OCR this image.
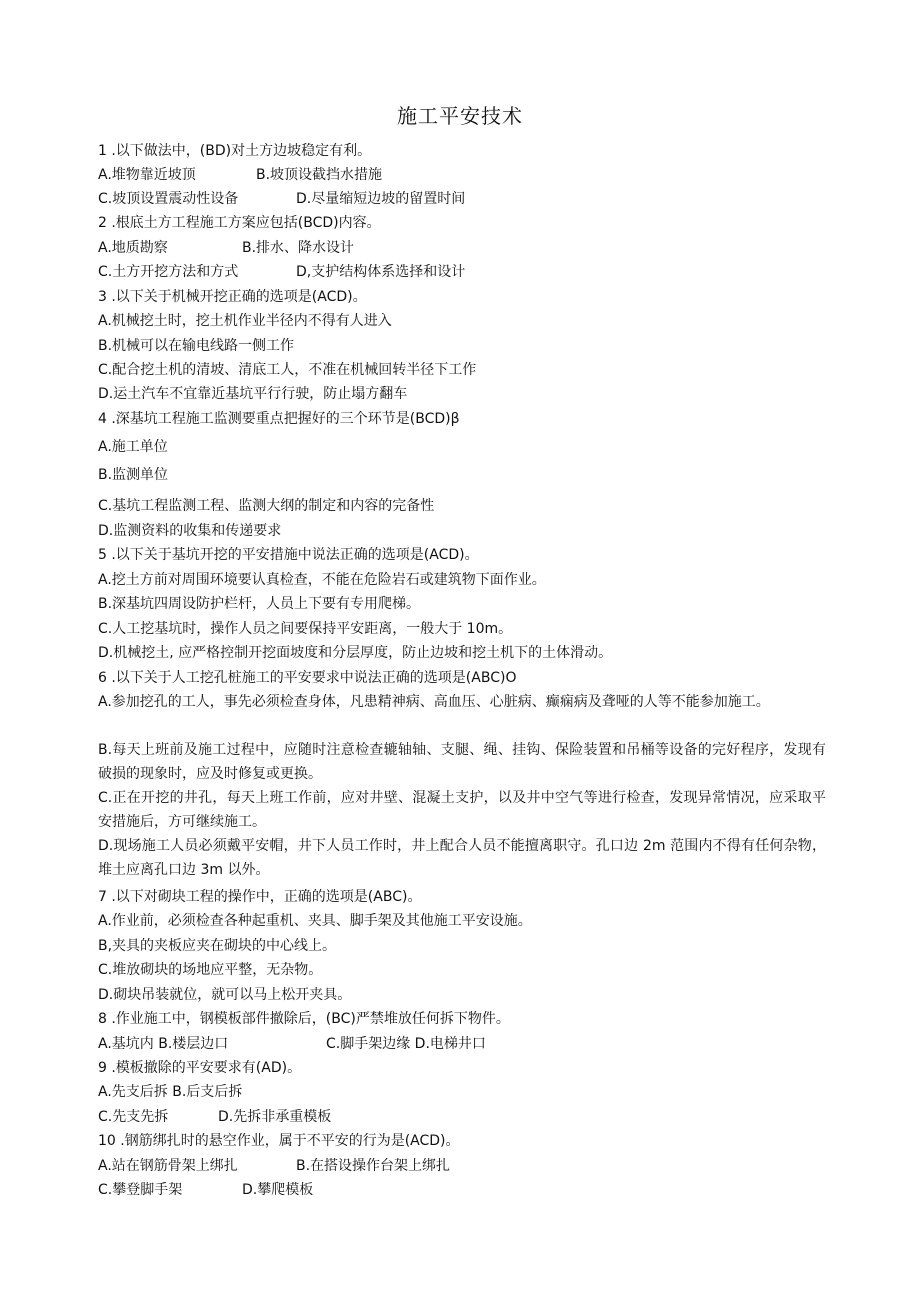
施工平安技术
1 .以下做法中，(BD)对土方边坡稳定有利。
A.堆物靠近坡顶	B.坡顶设截挡水措施
C.坡顶设置震动性设备	D.尽量缩短边坡的留置时间
2 .根底土方工程施工方案应包括(BCD)内容。
A.地质勘察	B.排水、降水设计
C.土方开挖方法和方式	D,支护结构体系选择和设计
3 .以下关于机械开挖正确的选项是(ACD)。
A.机械挖土时，挖土机作业半径内不得有人进入
B.机械可以在输电线路一侧工作
C.配合挖土机的清坡、清底工人，不准在机械回转半径下工作
D.运土汽车不宜靠近基坑平行行驶，防止塌方翻车
4 .深基坑工程施工监测要重点把握好的三个环节是(BCD)β
A.施工单位
B.监测单位
C.基坑工程监测工程、监测大纲的制定和内容的完备性
D.监测资料的收集和传递要求
5 .以下关于基坑开挖的平安措施中说法正确的选项是(ACD)。
A.挖土方前对周围环境要认真检查，不能在危险岩石或建筑物下面作业。
B.深基坑四周设防护栏杆，人员上下要有专用爬梯。
C.人工挖基坑时，操作人员之间要保持平安距离，一般大于 10m。
D.机械挖土, 应严格控制开挖面坡度和分层厚度，防止边坡和挖土机下的土体滑动。
6 .以下关于人工挖孔桩施工的平安要求中说法正确的选项是(ABC)O
A.参加挖孔的工人，事先必须检查身体，凡患精神病、高血压、心脏病、癫痫病及聋哑的人等不能参加施工。
B.每天上班前及施工过程中，应随时注意检查辘轴轴、支腿、绳、挂钩、保险装置和吊桶等设备的完好程序，发现有破损的现象时，应及时修复或更换。
C.正在开挖的井孔，每天上班工作前，应对井壁、混凝土支护，以及井中空气等进行检查，发现异常情况，应采取平安措施后，方可继续施工。
D.现场施工人员必须戴平安帽，井下人员工作时，井上配合人员不能擅离职守。孔口边 2m 范围内不得有任何杂物，堆土应离孔口边 3m 以外。
7 .以下对砌块工程的操作中，正确的选项是(ABC)。
A.作业前，必须检查各种起重机、夹具、脚手架及其他施工平安设施。
B,夹具的夹板应夹在砌块的中心线上。
C.堆放砌块的场地应平整，无杂物。
D.砌块吊装就位，就可以马上松开夹具。
8 .作业施工中，钢模板部件撤除后，(BC)严禁堆放任何拆下物件。
A.基坑内 B.楼层边口	C.脚手架边缘 D.电梯井口
9 .模板撤除的平安要求有(AD)。
A.先支后拆 B.后支后拆
C.先支先拆	D.先拆非承重模板
10 .钢筋绑扎时的悬空作业，属于不平安的行为是(ACD)。
A.站在钢筋骨架上绑扎	B.在搭设操作台架上绑扎
C.攀登脚手架	D.攀爬模板
